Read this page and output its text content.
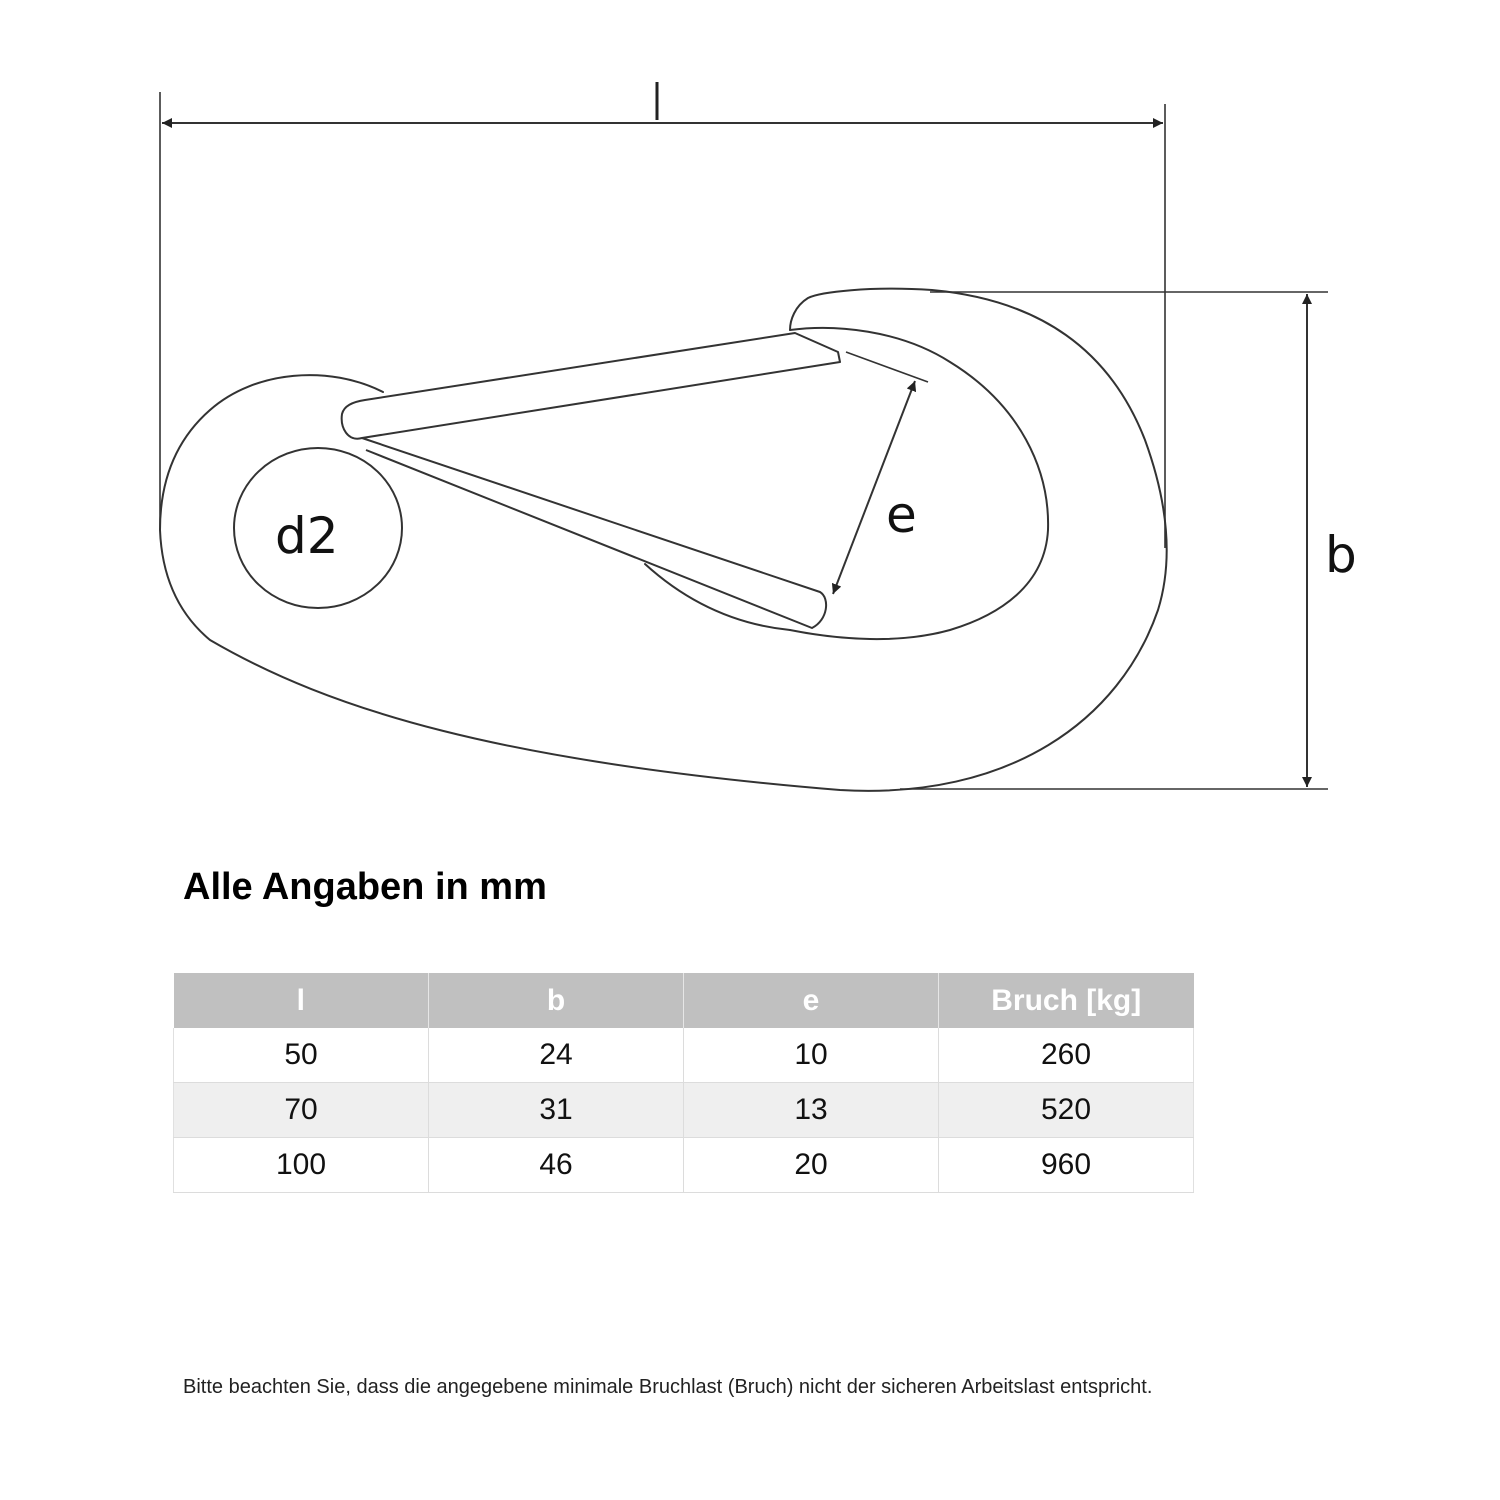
b
d2	e
Alle Angaben in mm
l	b	e	Bruch [kg]
50	24	10	260
70	31	13	520
100	46	20	960

Bitte beachten Sie, dass die angegebene minimale Bruchlast (Bruch) nicht der sicheren Arbeitslast entspricht.
